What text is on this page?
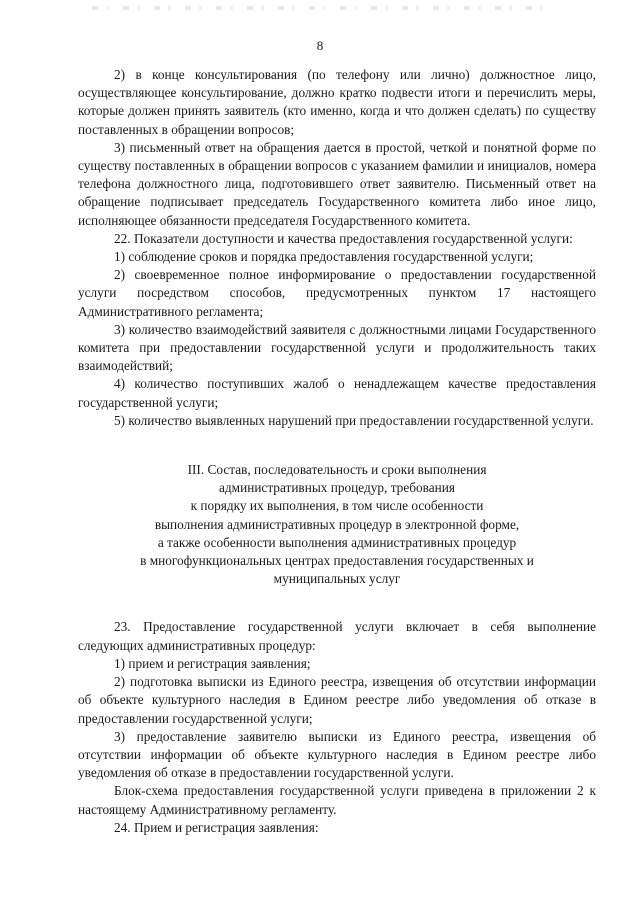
8

2) в конце консультирования (по телефону или лично) должностное лицо, осуществляющее консультирование, должно кратко подвести итоги и перечислить меры, которые должен принять заявитель (кто именно, когда и что должен сделать) по существу поставленных в обращении вопросов;

3) письменный ответ на обращения дается в простой, четкой и понятной форме по существу поставленных в обращении вопросов с указанием фамилии и инициалов, номера телефона должностного лица, подготовившего ответ заявителю. Письменный ответ на обращение подписывает председатель Государственного комитета либо иное лицо, исполняющее обязанности председателя Государственного комитета.

22. Показатели доступности и качества предоставления государственной услуги:

1) соблюдение сроков и порядка предоставления государственной услуги;

2) своевременное полное информирование о предоставлении государственной услуги посредством способов, предусмотренных пунктом 17 настоящего Административного регламента;

3) количество взаимодействий заявителя с должностными лицами Государственного комитета при предоставлении государственной услуги и продолжительность таких взаимодействий;

4) количество поступивших жалоб о ненадлежащем качестве предоставления государственной услуги;

5) количество выявленных нарушений при предоставлении государственной услуги.

III. Состав, последовательность и сроки выполнения
административных процедур, требования
к порядку их выполнения, в том числе особенности
выполнения административных процедур в электронной форме,
а также особенности выполнения административных процедур
в многофункциональных центрах предоставления государственных и
муниципальных услуг

23. Предоставление государственной услуги включает в себя выполнение следующих административных процедур:

1) прием и регистрация заявления;

2) подготовка выписки из Единого реестра, извещения об отсутствии информации об объекте культурного наследия в Едином реестре либо уведомления об отказе в предоставлении государственной услуги;

3) предоставление заявителю выписки из Единого реестра, извещения об отсутствии информации об объекте культурного наследия в Едином реестре либо уведомления об отказе в предоставлении государственной услуги.

Блок-схема предоставления государственной услуги приведена в приложении 2 к настоящему Административному регламенту.

24. Прием и регистрация заявления:
